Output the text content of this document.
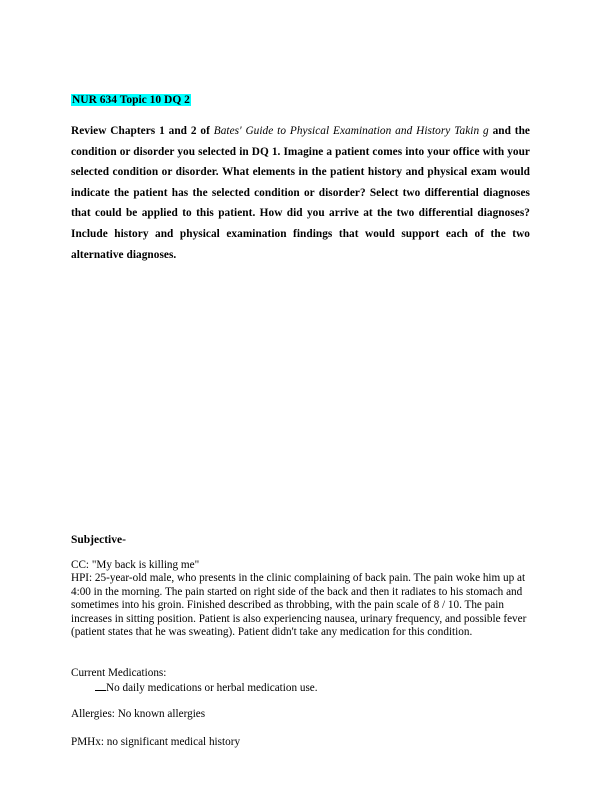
NUR 634 Topic 10 DQ 2
Review Chapters 1 and 2 of Bates' Guide to Physical Examination and History Takin g and the condition or disorder you selected in DQ 1. Imagine a patient comes into your office with your selected condition or disorder. What elements in the patient history and physical exam would indicate the patient has the selected condition or disorder? Select two differential diagnoses that could be applied to this patient. How did you arrive at the two differential diagnoses? Include history and physical examination findings that would support each of the two alternative diagnoses.
Subjective-
CC: "My back is killing me"
HPI: 25-year-old male, who presents in the clinic complaining of back pain. The pain woke him up at 4:00 in the morning. The pain started on right side of the back and then it radiates to his stomach and sometimes into his groin. Finished described as throbbing, with the pain scale of 8 / 10. The pain increases in sitting position. Patient is also experiencing nausea, urinary frequency, and possible fever (patient states that he was sweating). Patient didn't take any medication for this condition.
Current Medications:
No daily medications or herbal medication use.
Allergies: No known allergies
PMHx: no significant medical history
